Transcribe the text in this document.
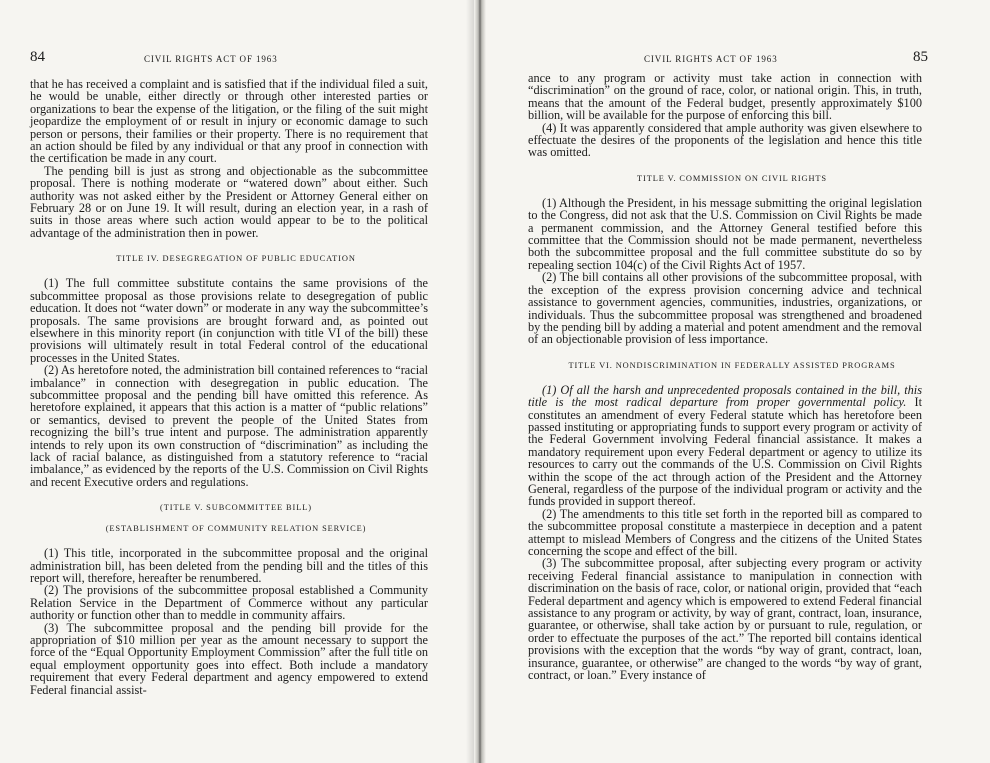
84	CIVIL RIGHTS ACT OF 1963	CIVIL RIGHTS ACT OF 1963	85

that he has received a complaint and is satisfied that if the individual filed a suit, he would be unable, either directly or through other interested parties or organizations to bear the expense of the litigation, or the filing of the suit might jeopardize the employment of or result in injury or economic damage to such person or persons, their families or their property. There is no requirement that an action should be filed by any individual or that any proof in connection with the certification be made in any court.

The pending bill is just as strong and objectionable as the subcommittee proposal. There is nothing moderate or “watered down” about either. Such authority was not asked either by the President or Attorney General either on February 28 or on June 19. It will result, during an election year, in a rash of suits in those areas where such action would appear to be to the political advantage of the administration then in power.

TITLE IV. DESEGREGATION OF PUBLIC EDUCATION

(1) The full committee substitute contains the same provisions of the subcommittee proposal as those provisions relate to desegregation of public education. It does not “water down” or moderate in any way the subcommittee’s proposals. The same provisions are brought forward and, as pointed out elsewhere in this minority report (in conjunction with title VI of the bill) these provisions will ultimately result in total Federal control of the educational processes in the United States.

(2) As heretofore noted, the administration bill contained references to “racial imbalance” in connection with desegregation in public education. The subcommittee proposal and the pending bill have omitted this reference. As heretofore explained, it appears that this action is a matter of “public relations” or semantics, devised to prevent the people of the United States from recognizing the bill’s true intent and purpose. The administration apparently intends to rely upon its own construction of “discrimination” as including the lack of racial balance, as distinguished from a statutory reference to “racial imbalance,” as evidenced by the reports of the U.S. Commission on Civil Rights and recent Executive orders and regulations.

(TITLE V. SUBCOMMITTEE BILL)

(ESTABLISHMENT OF COMMUNITY RELATION SERVICE)

(1) This title, incorporated in the subcommittee proposal and the original administration bill, has been deleted from the pending bill and the titles of this report will, therefore, hereafter be renumbered.

(2) The provisions of the subcommittee proposal established a Community Relation Service in the Department of Commerce without any particular authority or function other than to meddle in community affairs.

(3) The subcommittee proposal and the pending bill provide for the appropriation of $10 million per year as the amount necessary to support the force of the “Equal Opportunity Employment Commission” after the full title on equal employment opportunity goes into effect. Both include a mandatory requirement that every Federal department and agency empowered to extend Federal financial assist-

ance to any program or activity must take action in connection with “discrimination” on the ground of race, color, or national origin. This, in truth, means that the amount of the Federal budget, presently approximately $100 billion, will be available for the purpose of enforcing this bill.

(4) It was apparently considered that ample authority was given elsewhere to effectuate the desires of the proponents of the legislation and hence this title was omitted.

TITLE V. COMMISSION ON CIVIL RIGHTS

(1) Although the President, in his message submitting the original legislation to the Congress, did not ask that the U.S. Commission on Civil Rights be made a permanent commission, and the Attorney General testified before this committee that the Commission should not be made permanent, nevertheless both the subcommittee proposal and the full committee substitute do so by repealing section 104(c) of the Civil Rights Act of 1957.

(2) The bill contains all other provisions of the subcommittee proposal, with the exception of the express provision concerning advice and technical assistance to government agencies, communities, industries, organizations, or individuals. Thus the subcommittee proposal was strengthened and broadened by the pending bill by adding a material and potent amendment and the removal of an objectionable provision of less importance.

TITLE VI. NONDISCRIMINATION IN FEDERALLY ASSISTED PROGRAMS

(1) Of all the harsh and unprecedented proposals contained in the bill, this title is the most radical departure from proper governmental policy. It constitutes an amendment of every Federal statute which has heretofore been passed instituting or appropriating funds to support every program or activity of the Federal Government involving Federal financial assistance. It makes a mandatory requirement upon every Federal department or agency to utilize its resources to carry out the commands of the U.S. Commission on Civil Rights within the scope of the act through action of the President and the Attorney General, regardless of the purpose of the individual program or activity and the funds provided in support thereof.

(2) The amendments to this title set forth in the reported bill as compared to the subcommittee proposal constitute a masterpiece in deception and a patent attempt to mislead Members of Congress and the citizens of the United States concerning the scope and effect of the bill.

(3) The subcommittee proposal, after subjecting every program or activity receiving Federal financial assistance to manipulation in connection with discrimination on the basis of race, color, or national origin, provided that “each Federal department and agency which is empowered to extend Federal financial assistance to any program or activity, by way of grant, contract, loan, insurance, guarantee, or otherwise, shall take action by or pursuant to rule, regulation, or order to effectuate the purposes of the act.” The reported bill contains identical provisions with the exception that the words “by way of grant, contract, loan, insurance, guarantee, or otherwise” are changed to the words “by way of grant, contract, or loan.” Every instance of
